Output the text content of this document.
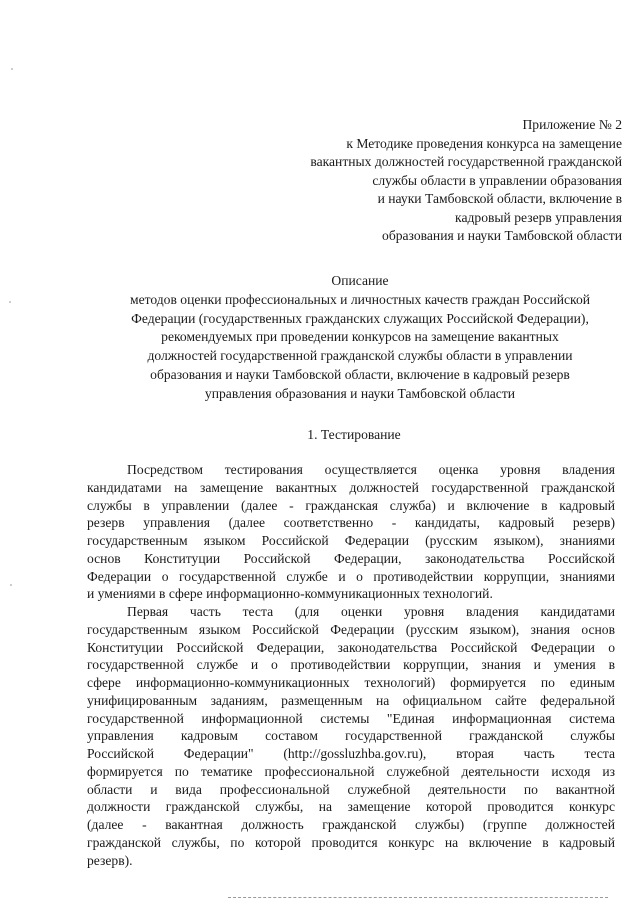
Приложение № 2
к Методике проведения конкурса на замещение
вакантных должностей государственной гражданской
службы области в управлении образования
и науки Тамбовской области, включение в
кадровый резерв управления
образования и науки Тамбовской области
Описание
методов оценки профессиональных и личностных качеств граждан Российской
Федерации (государственных гражданских служащих Российской Федерации),
рекомендуемых при проведении конкурсов на замещение вакантных
должностей государственной гражданской службы области в управлении
образования и науки Тамбовской области, включение в кадровый резерв
управления образования и науки Тамбовской области
1. Тестирование
Посредством тестирования осуществляется оценка уровня владения
кандидатами на замещение вакантных должностей государственной гражданской
службы в управлении (далее - гражданская служба) и включение в кадровый
резерв управления (далее соответственно - кандидаты, кадровый резерв)
государственным языком Российской Федерации (русским языком), знаниями
основ Конституции Российской Федерации, законодательства Российской
Федерации о государственной службе и о противодействии коррупции, знаниями
и умениями в сфере информационно-коммуникационных технологий.
Первая часть теста (для оценки уровня владения кандидатами
государственным языком Российской Федерации (русским языком), знания основ
Конституции Российской Федерации, законодательства Российской Федерации о
государственной службе и о противодействии коррупции, знания и умения в
сфере информационно-коммуникационных технологий) формируется по единым
унифицированным заданиям, размещенным на официальном сайте федеральной
государственной информационной системы "Единая информационная система
управления кадровым составом государственной гражданской службы
Российской Федерации" (http://gossluzhba.gov.ru), вторая часть теста
формируется по тематике профессиональной служебной деятельности исходя из
области и вида профессиональной служебной деятельности по вакантной
должности гражданской службы, на замещение которой проводится конкурс
(далее - вакантная должность гражданской службы) (группе должностей
гражданской службы, по которой проводится конкурс на включение в кадровый
резерв).
